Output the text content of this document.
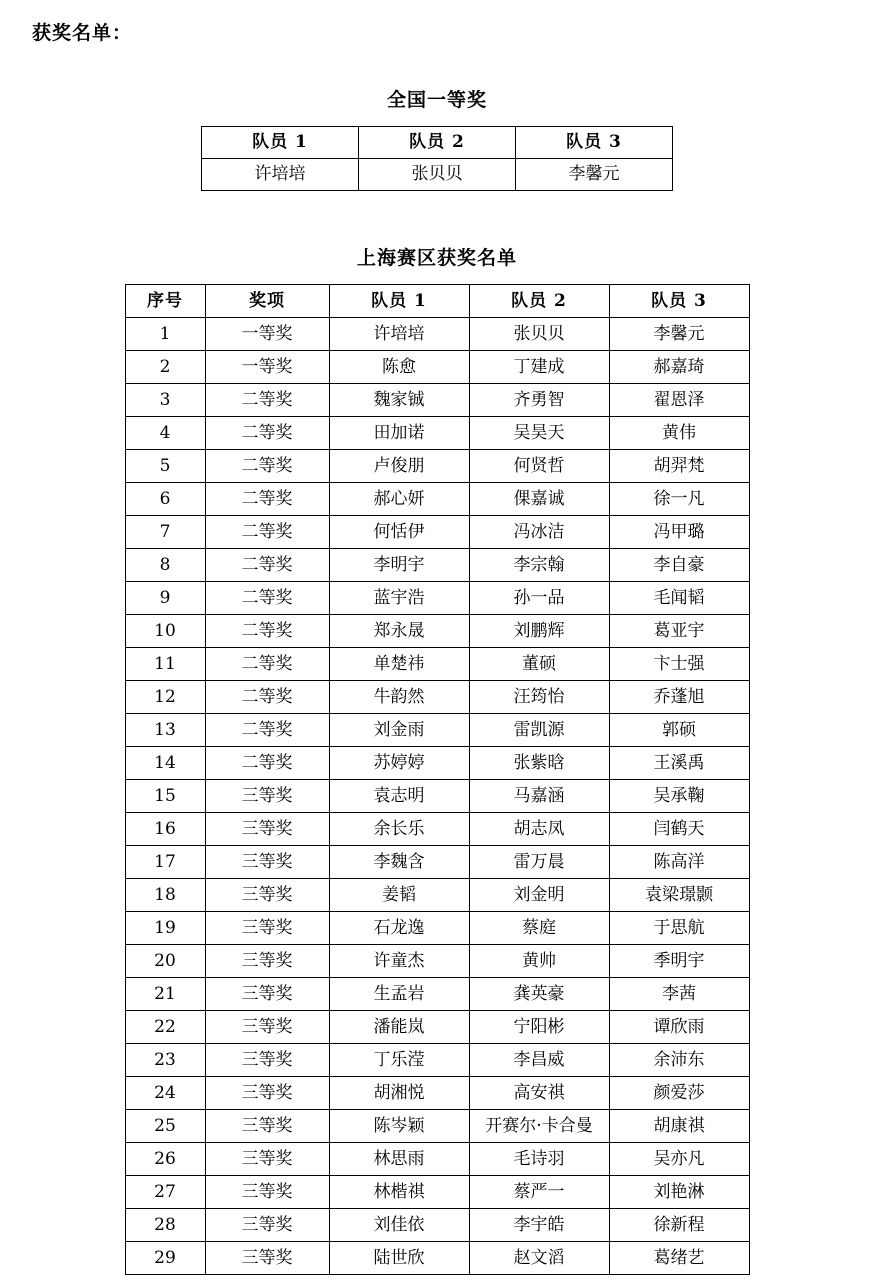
获奖名单：
全国一等奖
队员 1	队员 2	队员 3
许培培	张贝贝	李馨元
上海赛区获奖名单
序号	奖项	队员 1	队员 2	队员 3
1	一等奖	许培培	张贝贝	李馨元
2	一等奖	陈愈	丁建成	郝嘉琦
3	二等奖	魏家铖	齐勇智	翟恩泽
4	二等奖	田加诺	吴昊天	黄伟
5	二等奖	卢俊朋	何贤哲	胡羿梵
6	二等奖	郝心妍	倮嘉诚	徐一凡
7	二等奖	何恬伊	冯冰洁	冯甲璐
8	二等奖	李明宇	李宗翰	李自豪
9	二等奖	蓝宇浩	孙一品	毛闻韬
10	二等奖	郑永晟	刘鹏辉	葛亚宇
11	二等奖	单楚祎	董硕	卞士强
12	二等奖	牛韵然	汪筠怡	乔蓬旭
13	二等奖	刘金雨	雷凯源	郭硕
14	二等奖	苏婷婷	张紫晗	王溪禹
15	三等奖	袁志明	马嘉涵	吴承鞠
16	三等奖	余长乐	胡志凤	闫鹤天
17	三等奖	李魏含	雷万晨	陈高洋
18	三等奖	姜韬	刘金明	袁梁璟颢
19	三等奖	石龙逸	蔡庭	于思航
20	三等奖	许童杰	黄帅	季明宇
21	三等奖	生孟岩	龚英豪	李茜
22	三等奖	潘能岚	宁阳彬	谭欣雨
23	三等奖	丁乐滢	李昌威	余沛东
24	三等奖	胡湘悦	高安祺	颜爱莎
25	三等奖	陈岑颖	开赛尔·卡合曼	胡康祺
26	三等奖	林思雨	毛诗羽	吴亦凡
27	三等奖	林楷祺	蔡严一	刘艳淋
28	三等奖	刘佳依	李宇皓	徐新程
29	三等奖	陆世欣	赵文滔	葛绪艺
